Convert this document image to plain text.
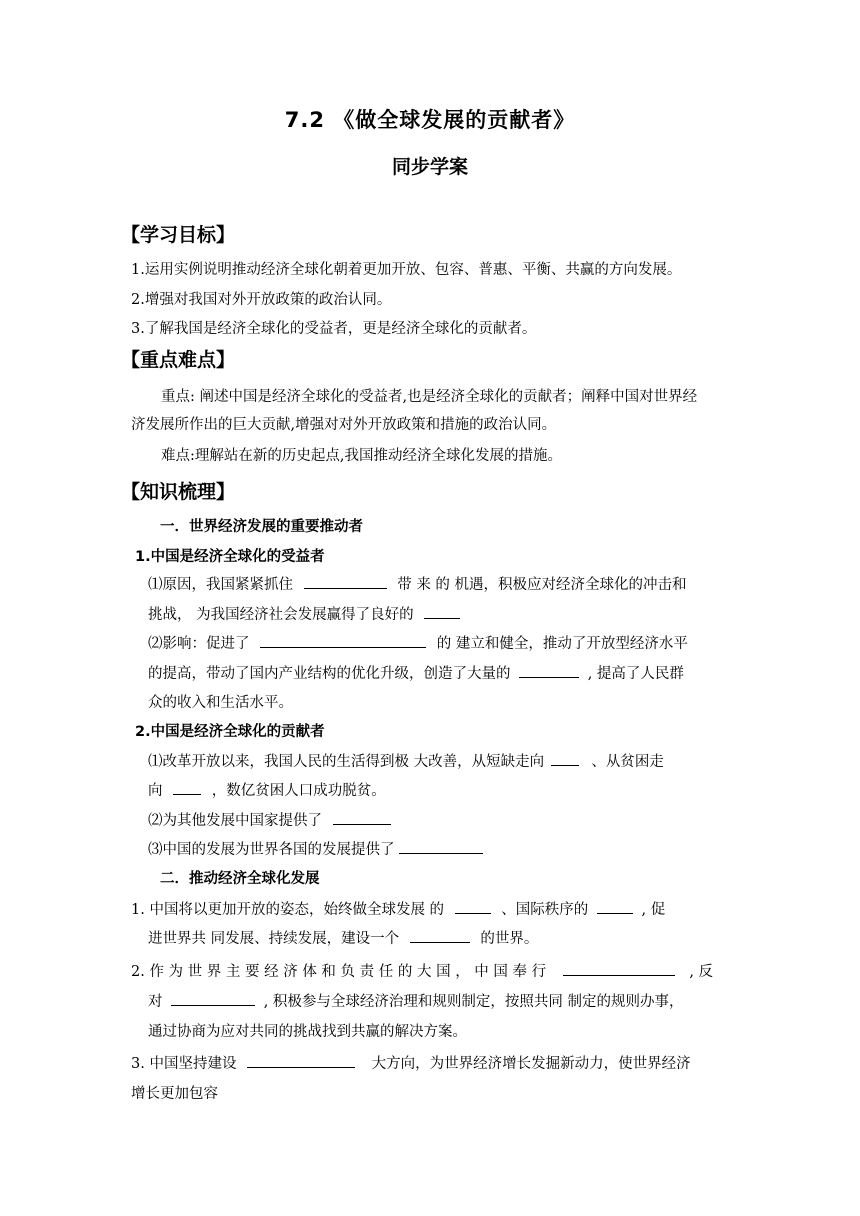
7.2 《做全球发展的贡献者》
同步学案
【学习目标】
1.运用实例说明推动经济全球化朝着更加开放、包容、普惠、平衡、共赢的方向发展。
2.增强对我国对外开放政策的政治认同。
3.了解我国是经济全球化的受益者，更是经济全球化的贡献者。
【重点难点】
重点: 阐述中国是经济全球化的受益者,也是经济全球化的贡献者；阐释中国对世界经
济发展所作出的巨大贡献,增强对对外开放政策和措施的政治认同。
难点:理解站在新的历史起点,我国推动经济全球化发展的措施。
【知识梳理】
一．世界经济发展的重要推动者
1.中国是经济全球化的受益者
⑴原因，我国紧紧抓住	带 来 的 机遇，积极应对经济全球化的冲击和
挑战， 为我国经济社会发展赢得了良好的
⑵影响：促进了	的 建立和健全，推动了开放型经济水平
的提高，带动了国内产业结构的优化升级，创造了大量的	, 提高了人民群
众的收入和生活水平。
2.中国是经济全球化的贡献者
⑴改革开放以来，我国人民的生活得到极 大改善，从短缺走向	、从贫困走
向	，数亿贫困人口成功脱贫。
⑵为其他发展中国家提供了
⑶中国的发展为世界各国的发展提供了
二．推动经济全球化发展
1. 中国将以更加开放的姿态，始终做全球发展 的	、国际秩序的	, 促
进世界共 同发展、持续发展，建设一个	的世界。
2. 作 为 世 界 主 要 经 济 体 和 负 责 任 的 大 国 ， 中 国 奉 行	, 反
对	, 积极参与全球经济治理和规则制定，按照共同 制定的规则办事，
通过协商为应对共同的挑战找到共赢的解决方案。
3. 中国坚持建设	大方向，为世界经济增长发掘新动力，使世界经济
增长更加包容
